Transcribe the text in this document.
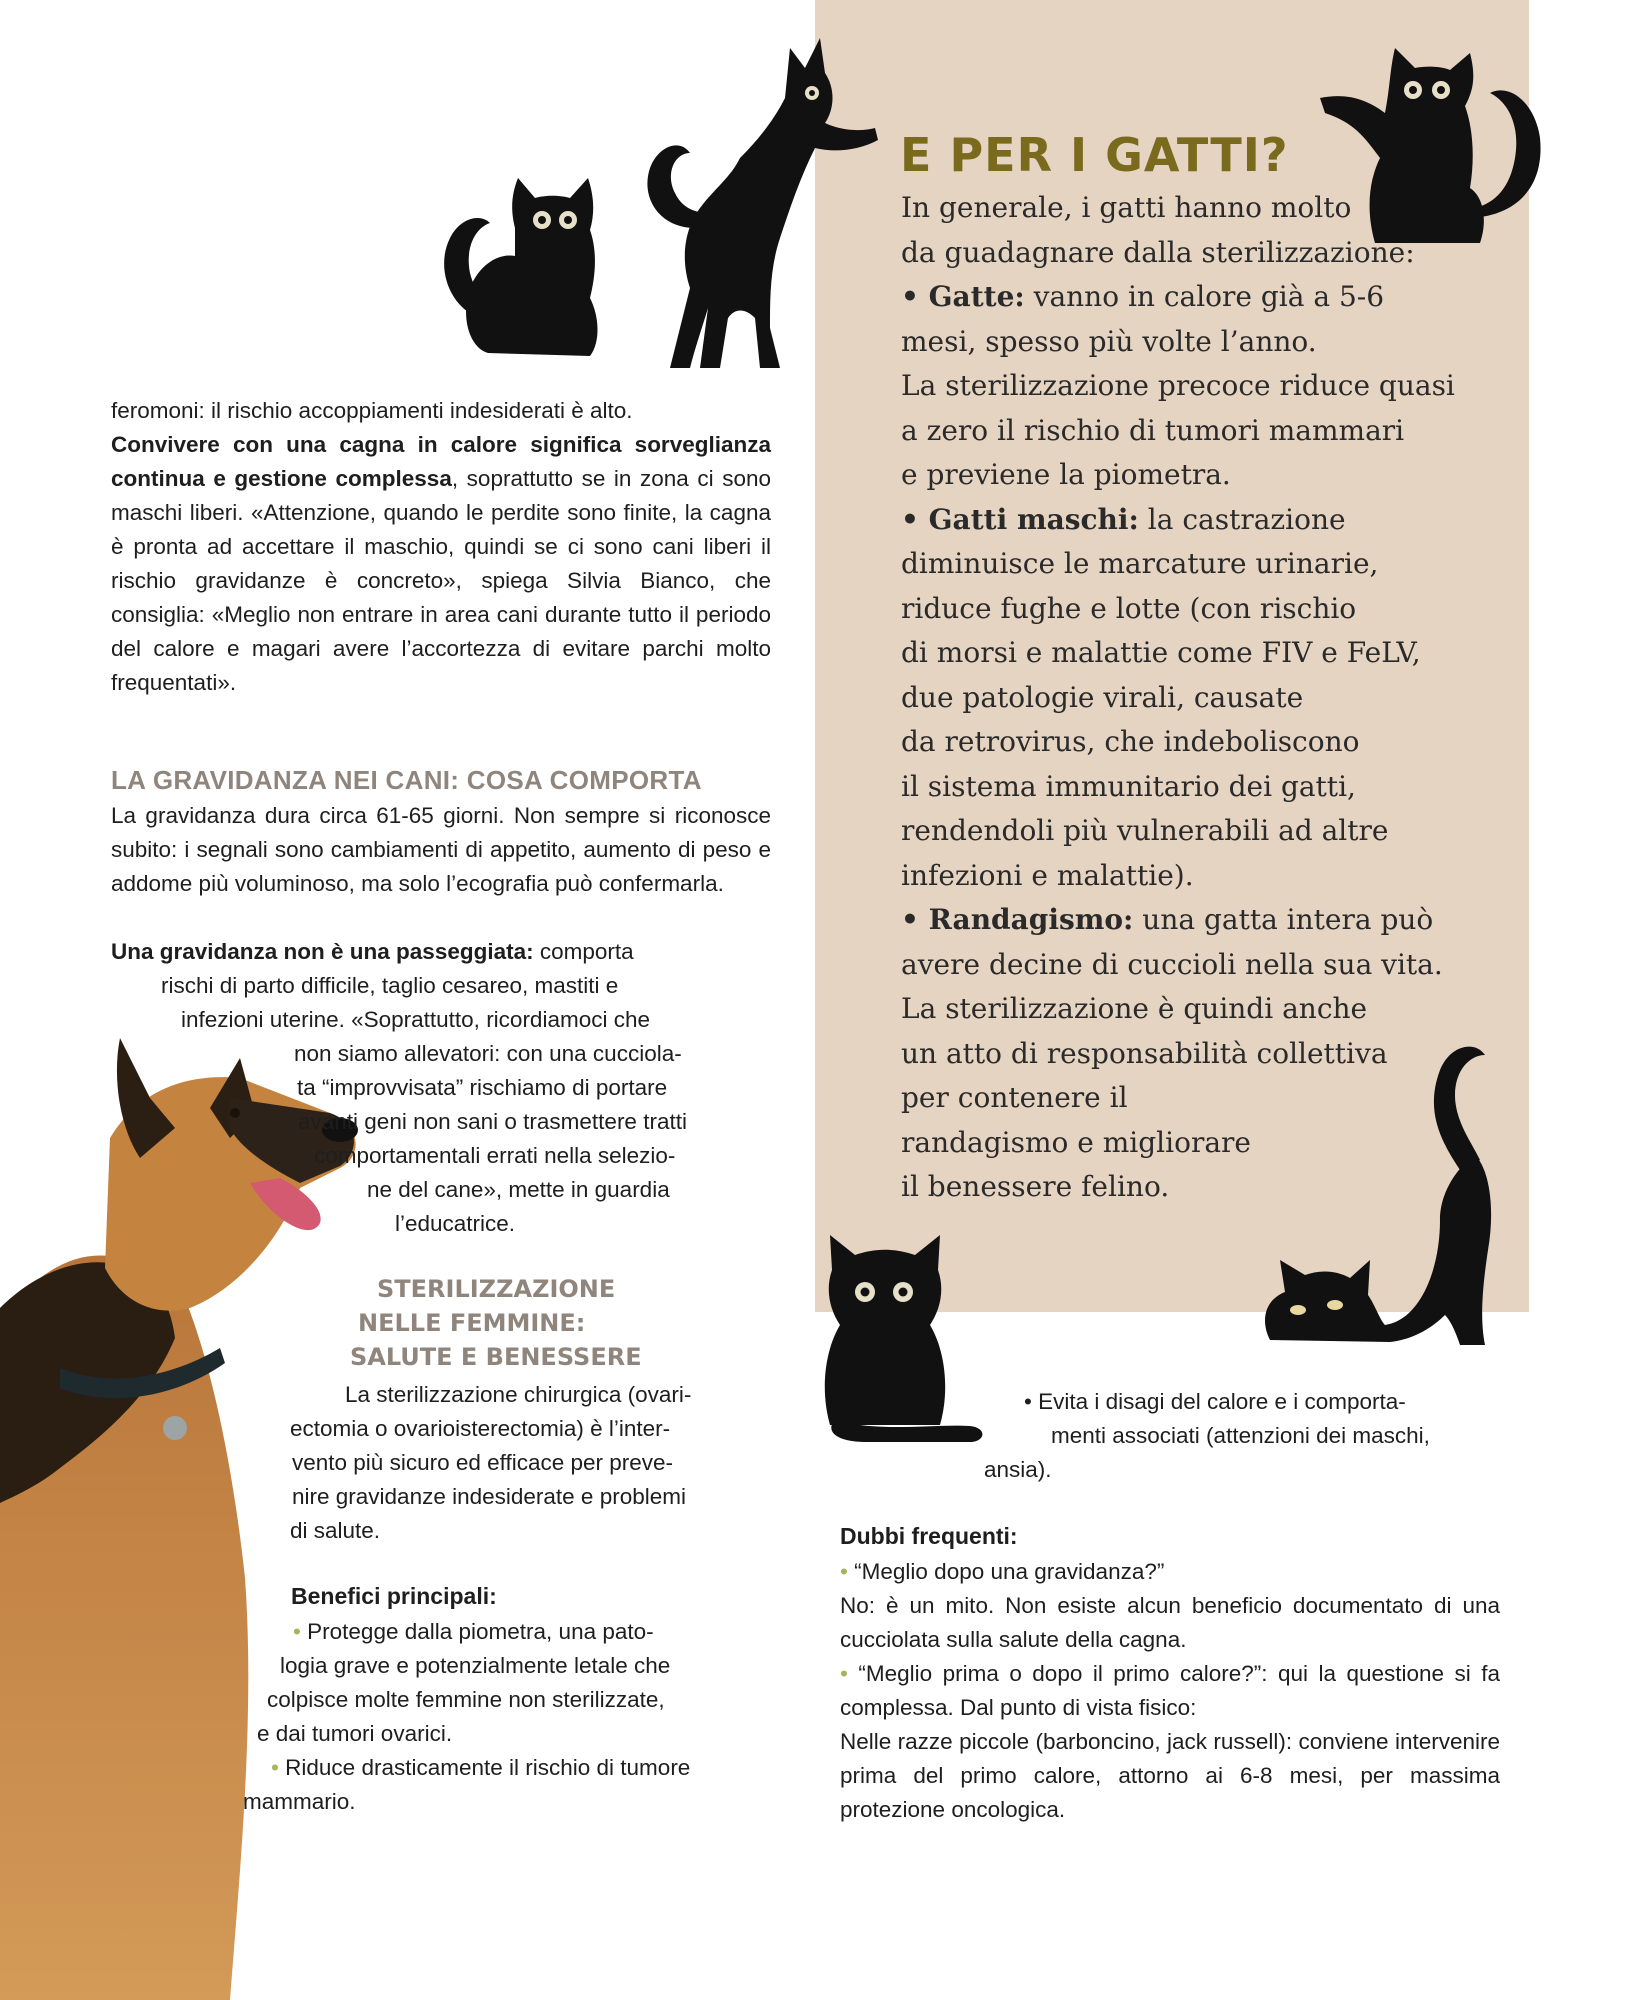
E PER I GATTI?

In generale, i gatti hanno molto
da guadagnare dalla sterilizzazione:

• Gatte: vanno in calore già a 5-6
mesi, spesso più volte l’anno.
La sterilizzazione precoce riduce quasi
a zero il rischio di tumori mammari
e previene la piometra.

• Gatti maschi: la castrazione
diminuisce le marcature urinarie,
riduce fughe e lotte (con rischio
di morsi e malattie come FIV e FeLV,
due patologie virali, causate
da retrovirus, che indeboliscono
il sistema immunitario dei gatti,
rendendoli più vulnerabili ad altre
infezioni e malattie).

• Randagismo: una gatta intera può
avere decine di cuccioli nella sua vita.
La sterilizzazione è quindi anche
un atto di responsabilità collettiva
per contenere il
randagismo e migliorare
il benessere felino.

feromoni: il rischio accoppiamenti indesiderati è alto.
Convivere con una cagna in calore significa sorveglianza continua e gestione complessa, soprattutto se in zona ci sono maschi liberi. «Attenzione, quando le perdite sono finite, la cagna è pronta ad accettare il maschio, quindi se ci sono cani liberi il rischio gravidanze è concreto», spiega Silvia Bianco, che consiglia: «Meglio non entrare in area cani durante tutto il periodo del calore e magari avere l’accortezza di evitare parchi molto frequentati».

LA GRAVIDANZA NEI CANI: COSA COMPORTA

La gravidanza dura circa 61-65 giorni. Non sempre si riconosce subito: i segnali sono cambiamenti di appetito, aumento di peso e addome più voluminoso, ma solo l’ecografia può confermarla.

Una gravidanza non è una passeggiata: comporta
rischi di parto difficile, taglio cesareo, mastiti e
infezioni uterine. «Soprattutto, ricordiamoci che
non siamo allevatori: con una cucciola-
ta “improvvisata” rischiamo di portare
avanti geni non sani o trasmettere tratti
comportamentali errati nella selezio-
ne del cane», mette in guardia
l’educatrice.

STERILIZZAZIONE

NELLE FEMMINE:

SALUTE E BENESSERE

La sterilizzazione chirurgica (ovari-
ectomia o ovarioisterectomia) è l’inter-
vento più sicuro ed efficace per preve-
nire gravidanze indesiderate e problemi
di salute.

Benefici principali:

• Protegge dalla piometra, una pato-
logia grave e potenzialmente letale che
colpisce molte femmine non sterilizzate,
e dai tumori ovarici.
• Riduce drasticamente il rischio di tumore
mammario.
• Evita i disagi del calore e i comporta-
menti associati (attenzioni dei maschi,
ansia).

Dubbi frequenti:

• “Meglio dopo una gravidanza?”
No: è un mito. Non esiste alcun beneficio documentato di una cucciolata sulla salute della cagna.
• “Meglio prima o dopo il primo calore?”: qui la questione si fa complessa. Dal punto di vista fisico:
Nelle razze piccole (barboncino, jack russell): conviene intervenire prima del primo calore, attorno ai 6-8 mesi, per massima protezione oncologica.
